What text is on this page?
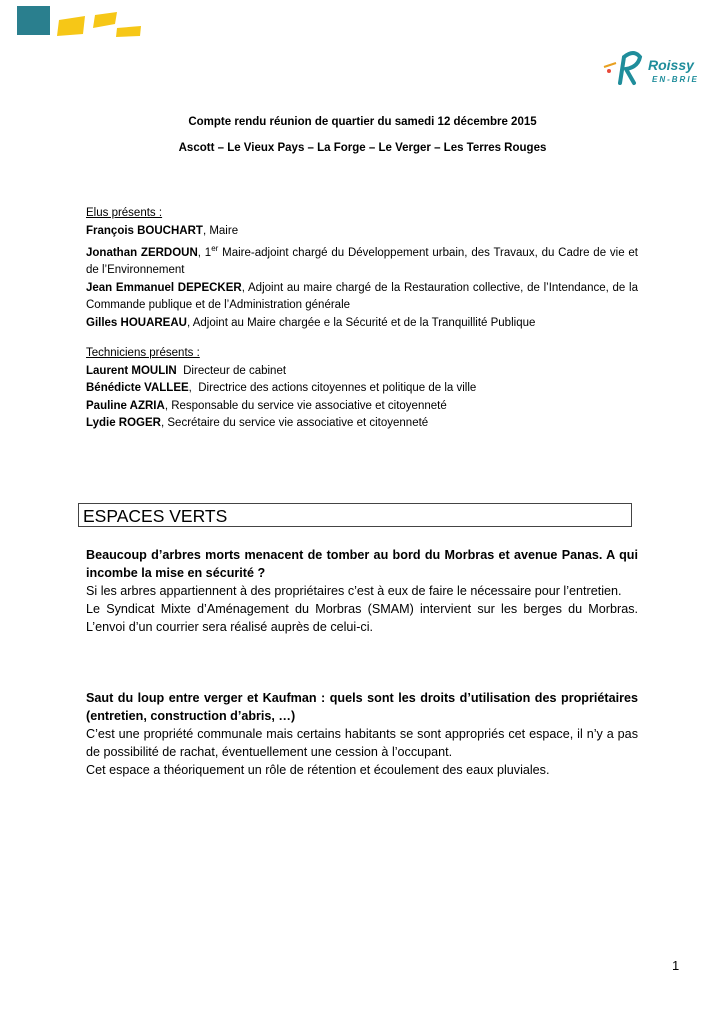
Roissy
EN-BRIE
Compte rendu réunion de quartier du samedi 12 décembre 2015
Ascott – Le Vieux Pays – La Forge – Le Verger – Les Terres Rouges

Elus présents :

François BOUCHART, Maire

Jonathan ZERDOUN, 1er Maire-adjoint chargé du Développement urbain, des Travaux, du Cadre de vie et de l’Environnement

Jean Emmanuel DEPECKER, Adjoint au maire chargé de la Restauration collective, de l’Intendance, de la Commande publique et de l’Administration générale

Gilles HOUAREAU, Adjoint au Maire chargée e la Sécurité et de la Tranquillité Publique

Techniciens présents :

Laurent MOULIN  Directeur de cabinet

Bénédicte VALLEE,  Directrice des actions citoyennes et politique de la ville

Pauline AZRIA, Responsable du service vie associative et citoyenneté

Lydie ROGER, Secrétaire du service vie associative et citoyenneté

ESPACES VERTS

Beaucoup d’arbres morts menacent de tomber au bord du Morbras et avenue Panas. A qui incombe la mise en sécurité ?

Si les arbres appartiennent à des propriétaires c’est à eux de faire le nécessaire pour l’entretien.

Le Syndicat Mixte d’Aménagement du Morbras (SMAM) intervient sur les berges du Morbras. L’envoi d’un courrier sera réalisé auprès de celui-ci.

Saut du loup entre verger et Kaufman : quels sont les droits d’utilisation des propriétaires (entretien, construction d’abris, …)

C’est une propriété communale mais certains habitants se sont appropriés cet espace, il n’y a pas de possibilité de rachat, éventuellement une cession à l’occupant.

Cet espace a théoriquement un rôle de rétention et écoulement des eaux pluviales.

1
